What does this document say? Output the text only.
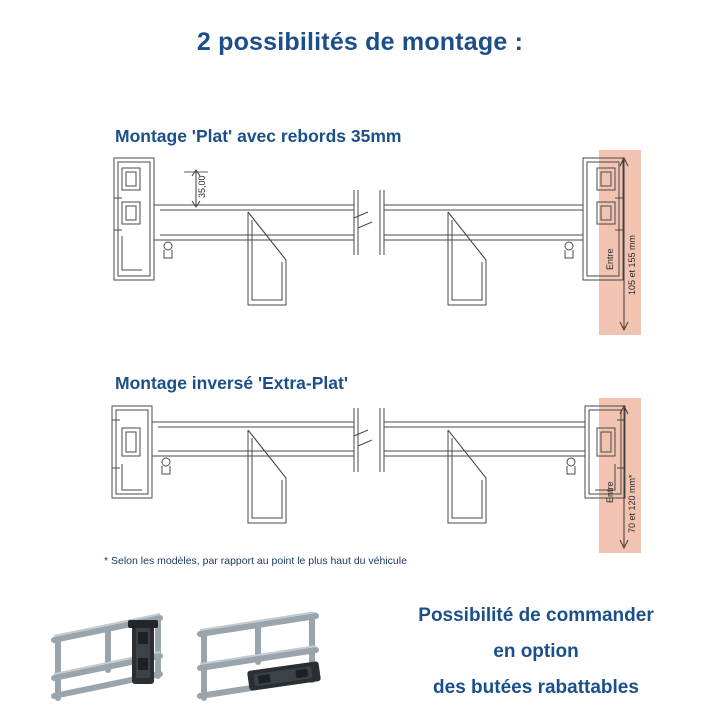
2 possibilités de montage :
Montage 'Plat' avec rebords 35mm
35,00
Entre 105 et 155 mm
Montage inversé 'Extra-Plat'
Entre 70 et 120 mm*
* Selon les modèles, par rapport au point le plus haut du véhicule
Possibilité de commander
en option
des butées rabattables
